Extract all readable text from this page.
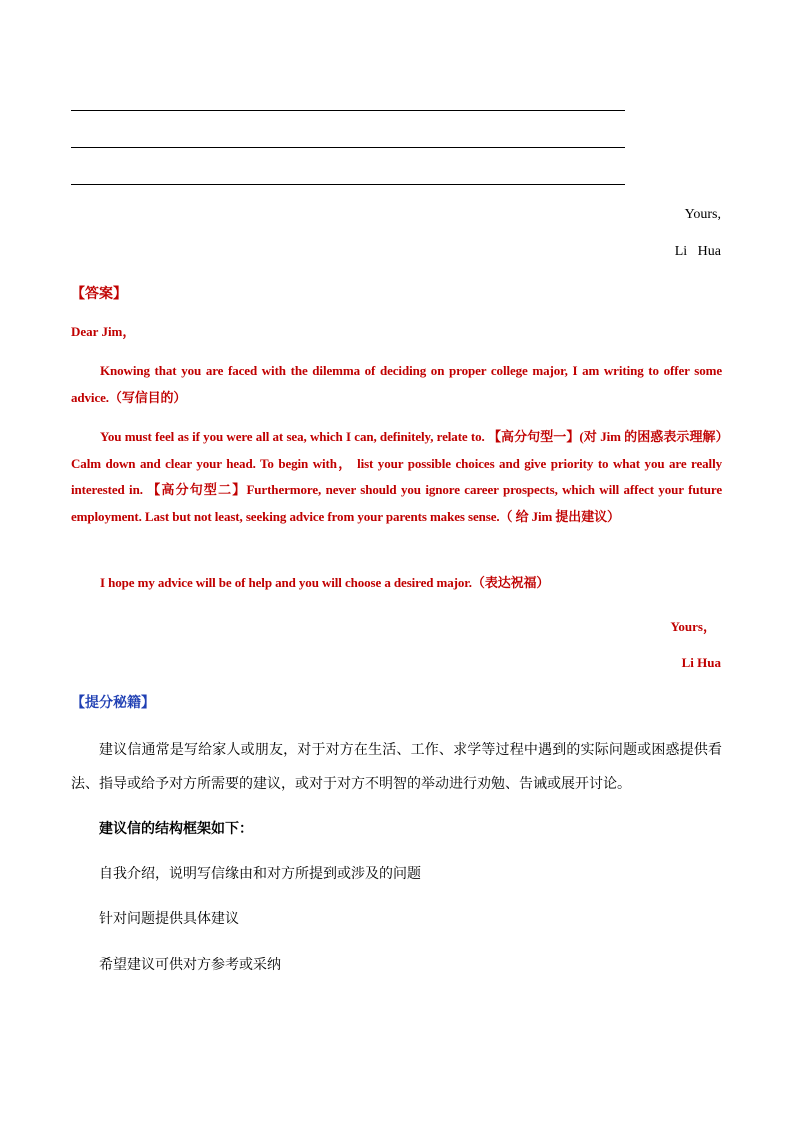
Yours,
Li   Hua
【答案】
Dear Jim，
Knowing that you are faced with the dilemma of deciding on proper college major, I am writing to offer some advice.（写信目的）
You must feel as if you were all at sea, which I can, definitely, relate to. 【高分句型一】(对 Jim 的困惑表示理解）Calm down and clear your head. To begin with， list your possible choices and give priority to what you are really interested in. 【高分句型二】Furthermore, never should you ignore career prospects, which will affect your future employment. Last but not least, seeking advice from your parents makes sense.（ 给 Jim 提出建议）
I hope my advice will be of help and you will choose a desired major.（表达祝福）
Yours，
Li Hua
【提分秘籍】
建议信通常是写给家人或朋友，对于对方在生活、工作、求学等过程中遇到的实际问题或困惑提供看法、指导或给予对方所需要的建议，或对于对方不明智的举动进行劝勉、告诫或展开讨论。
建议信的结构框架如下：
自我介绍，说明写信缘由和对方所提到或涉及的问题
针对问题提供具体建议
希望建议可供对方参考或采纳
